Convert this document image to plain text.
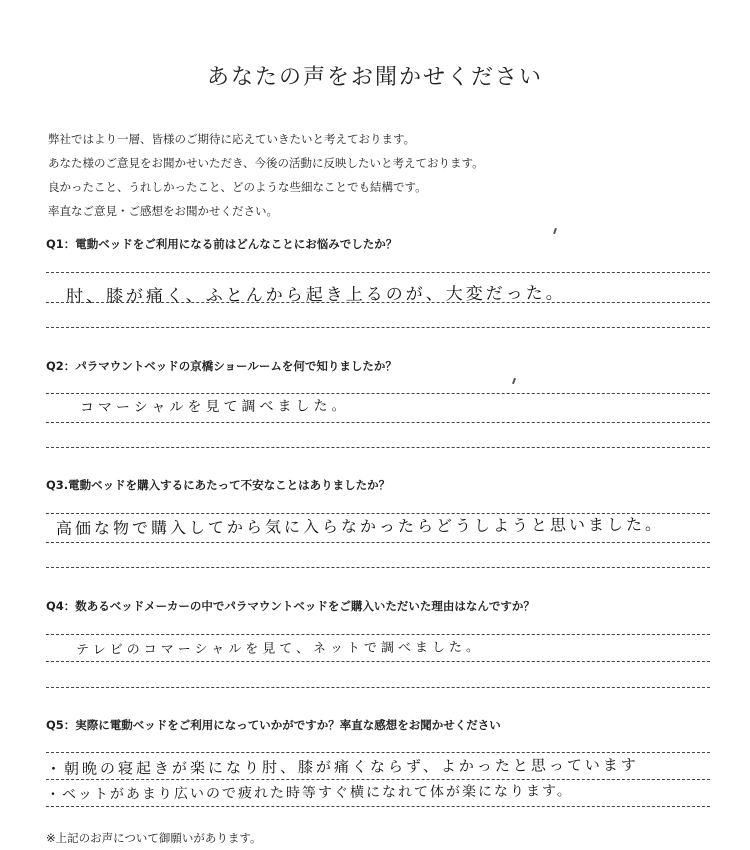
あなたの声をお聞かせください
弊社ではより一層、皆様のご期待に応えていきたいと考えております。
あなた様のご意見をお聞かせいただき、今後の活動に反映したいと考えております。
良かったこと、うれしかったこと、どのような些細なことでも結構です。
率直なご意見・ご感想をお聞かせください。
Q1：電動ベッドをご利用になる前はどんなことにお悩みでしたか？
肘、膝が痛く、ふとんから起き上るのが、大変だった。
Q2：パラマウントベッドの京橋ショールームを何で知りましたか？
コマーシャルを見て調べました。
Q3.電動ベッドを購入するにあたって不安なことはありましたか？
高価な物で購入してから気に入らなかったらどうしようと思いました。
Q4：数あるベッドメーカーの中でパラマウントベッドをご購入いただいた理由はなんですか？
テレビのコマーシャルを見て、ネットで調べました。
Q5：実際に電動ベッドをご利用になっていかがですか？率直な感想をお聞かせください
・朝晩の寝起きが楽になり肘、膝が痛くならず、よかったと思っています
・ベットがあまり広いので疲れた時等すぐ横になれて体が楽になります。
※上記のお声について御願いがあります。
